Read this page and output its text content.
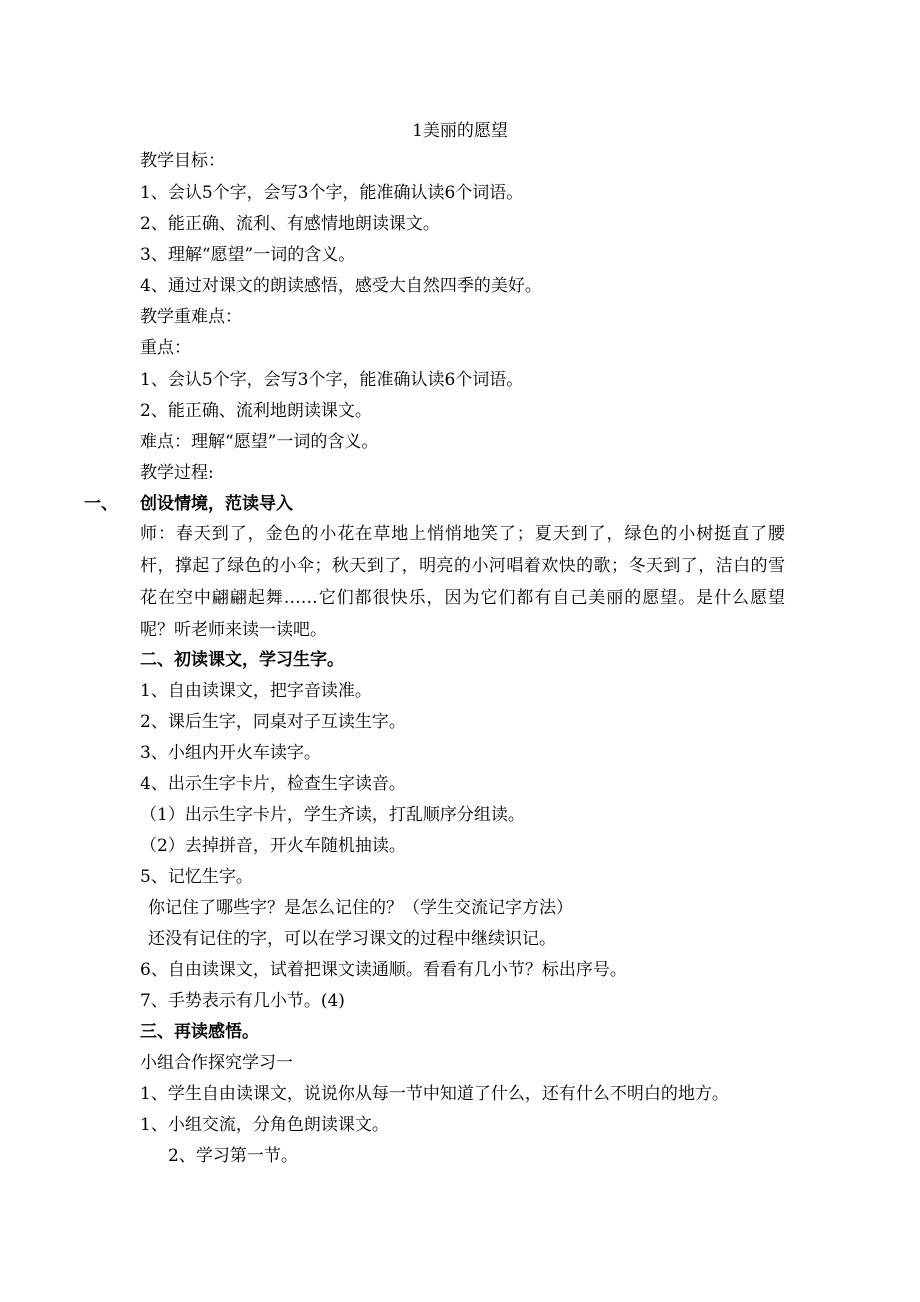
1美丽的愿望
教学目标：
1、会认5个字，会写3个字，能准确认读6个词语。
2、能正确、流利、有感情地朗读课文。
3、理解“愿望”一词的含义。
4、通过对课文的朗读感悟，感受大自然四季的美好。
教学重难点：
重点：
1、会认5个字，会写3个字，能准确认读6个词语。
2、能正确、流利地朗读课文。
难点：理解“愿望”一词的含义。
教学过程:
一、 创设情境，范读导入
师：春天到了，金色的小花在草地上悄悄地笑了；夏天到了，绿色的小树挺直了腰杆，撑起了绿色的小伞；秋天到了，明亮的小河唱着欢快的歌；冬天到了，洁白的雪花在空中翩翩起舞……它们都很快乐，因为它们都有自己美丽的愿望。是什么愿望呢？听老师来读一读吧。
二、初读课文，学习生字。
1、自由读课文，把字音读准。
2、课后生字，同桌对子互读生字。
3、小组内开火车读字。
4、出示生字卡片，检查生字读音。
（1）出示生字卡片，学生齐读，打乱顺序分组读。
（2）去掉拼音，开火车随机抽读。
5、记忆生字。
你记住了哪些字？是怎么记住的？（学生交流记字方法）
还没有记住的字，可以在学习课文的过程中继续识记。
6、自由读课文，试着把课文读通顺。看看有几小节？标出序号。
7、手势表示有几小节。(4)
三、再读感悟。
小组合作探究学习一
1、学生自由读课文，说说你从每一节中知道了什么，还有什么不明白的地方。
1、小组交流，分角色朗读课文。
2、学习第一节。
